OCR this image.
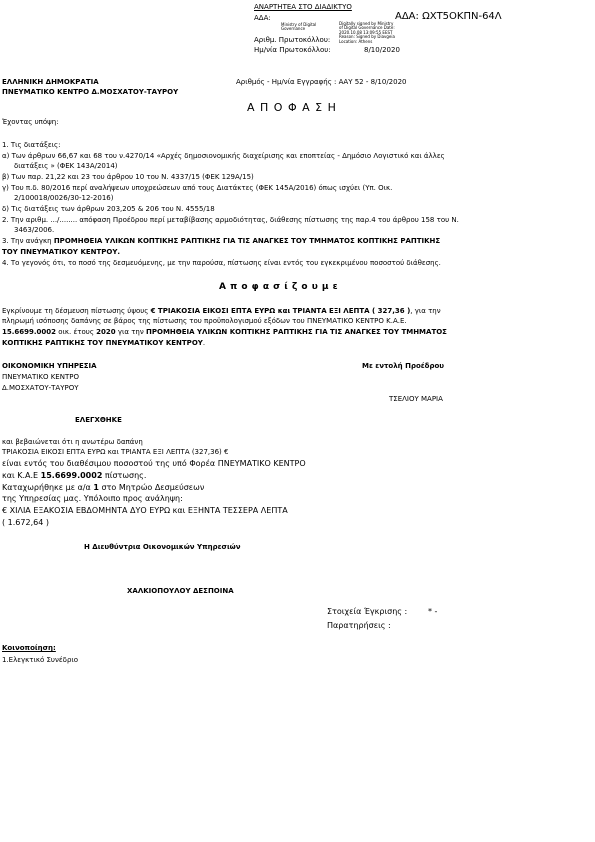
ΑΝΑΡΤΗΤΕΑ ΣΤΟ ΔΙΑΔΙΚΤΥΟ
ΑΔΑ:	ΑΔΑ: ΩΧΤ5ΟΚΠΝ-64Λ
Ministry of Digital Governance
Digitally signed by Ministry of Digital Governance Date: 2020.10.08 13:09:55 EEST Reason: Signed by Diavgeia Location: Athens
Αριθμ. Πρωτοκόλλου:
Ημ/νία Πρωτοκόλλου:	8/10/2020
ΕΛΛΗΝΙΚΗ ΔΗΜΟΚΡΑΤΙΑ
ΠΝΕΥΜΑΤΙΚΟ ΚΕΝΤΡΟ Δ.ΜΟΣΧΑΤΟΥ-ΤΑΥΡΟΥ
Αριθμός - Ημ/νία Εγγραφής : ΑΑΥ 52 - 8/10/2020
Α Π Ο Φ Α Σ Η
Έχοντας υπόψη:
1. Τις διατάξεις:
α) Των άρθρων 66,67 και 68 του ν.4270/14 «Αρχές δημοσιονομικής διαχείρισης και εποπτείας - Δημόσιο Λογιστικό και άλλες
διατάξεις » (ΦΕΚ 143Α/2014)
β) Των παρ. 21,22 και 23 του άρθρου 10 του Ν. 4337/15 (ΦΕΚ 129Α/15)
γ) Του π.δ. 80/2016 περί αναλήψεων υποχρεώσεων από τους Διατάκτες (ΦΕΚ 145Α/2016) όπως ισχύει (Υπ. Οικ.
2/100018/0026/30-12-2016)
δ) Τις διατάξεις των άρθρων 203,205 & 206 του Ν. 4555/18
2. Την αριθμ. .../........ απόφαση Προέδρου περί μεταβίβασης αρμοδιότητας, διάθεσης πίστωσης της παρ.4 του άρθρου 158 του Ν.
3463/2006.
3. Την ανάγκη ΠΡΟΜΗΘΕΙΑ ΥΛΙΚΩΝ ΚΟΠΤΙΚΗΣ ΡΑΠΤΙΚΗΣ ΓΙΑ ΤΙΣ ΑΝΑΓΚΕΣ ΤΟΥ ΤΜΗΜΑΤΟΣ ΚΟΠΤΙΚΗΣ ΡΑΠΤΙΚΗΣ
ΤΟΥ ΠΝΕΥΜΑΤΙΚΟΥ ΚΕΝΤΡΟΥ.
4. Το γεγονός ότι, το ποσό της δεσμευόμενης, με την παρούσα, πίστωσης είναι εντός του εγκεκριμένου ποσοστού διάθεσης.
Α π ο φ α σ ί ζ ο υ μ ε
Εγκρίνουμε τη δέσμευση πίστωσης ύψους € ΤΡΙΑΚΟΣΙΑ ΕΙΚΟΣΙ ΕΠΤΑ ΕΥΡΩ και ΤΡΙΑΝΤΑ ΕΞΙ ΛΕΠΤΑ ( 327,36 ), για την
πληρωμή ισόποσης δαπάνης σε βάρος της πίστωσης του προϋπολογισμού εξόδων του ΠΝΕΥΜΑΤΙΚΟ ΚΕΝΤΡΟ Κ.Α.Ε.
15.6699.0002 οικ. έτους 2020 για την ΠΡΟΜΗΘΕΙΑ ΥΛΙΚΩΝ ΚΟΠΤΙΚΗΣ ΡΑΠΤΙΚΗΣ ΓΙΑ ΤΙΣ ΑΝΑΓΚΕΣ ΤΟΥ ΤΜΗΜΑΤΟΣ
ΚΟΠΤΙΚΗΣ ΡΑΠΤΙΚΗΣ ΤΟΥ ΠΝΕΥΜΑΤΙΚΟΥ ΚΕΝΤΡΟΥ.
ΟΙΚΟΝΟΜΙΚΗ ΥΠΗΡΕΣΙΑ
ΠΝΕΥΜΑΤΙΚΟ ΚΕΝΤΡΟ
Δ.ΜΟΣΧΑΤΟΥ-ΤΑΥΡΟΥ
Με εντολή Προέδρου
ΤΣΕΛΙΟΥ ΜΑΡΙΑ
ΕΛΕΓΧΘΗΚΕ
και βεβαιώνεται ότι η ανωτέρω δαπάνη
ΤΡΙΑΚΟΣΙΑ ΕΙΚΟΣΙ ΕΠΤΑ ΕΥΡΩ και ΤΡΙΑΝΤΑ ΕΞΙ ΛΕΠΤΑ (327,36) €
είναι εντός του διαθέσιμου ποσοστού της υπό Φορέα ΠΝΕΥΜΑΤΙΚΟ ΚΕΝΤΡΟ
και Κ.Α.Ε 15.6699.0002 πίστωσης.
Καταχωρήθηκε με α/α 1 στο Μητρώο Δεσμεύσεων
της Υπηρεσίας μας. Υπόλοιπο προς ανάληψη:
€ ΧΙΛΙΑ ΕΞΑΚΟΣΙΑ ΕΒΔΟΜΗΝΤΑ ΔΥΟ ΕΥΡΩ και ΕΞΗΝΤΑ ΤΕΣΣΕΡΑ ΛΕΠΤΑ
( 1.672,64 )
Η Διευθύντρια Οικονομικών Υπηρεσιών
ΧΑΛΚΙΟΠΟΥΛΟΥ ΔΕΣΠΟΙΝΑ
Στοιχεία Έγκρισης :	* -
Παρατηρήσεις :
Κοινοποίηση:
1.Ελεγκτικό Συνέδριο
